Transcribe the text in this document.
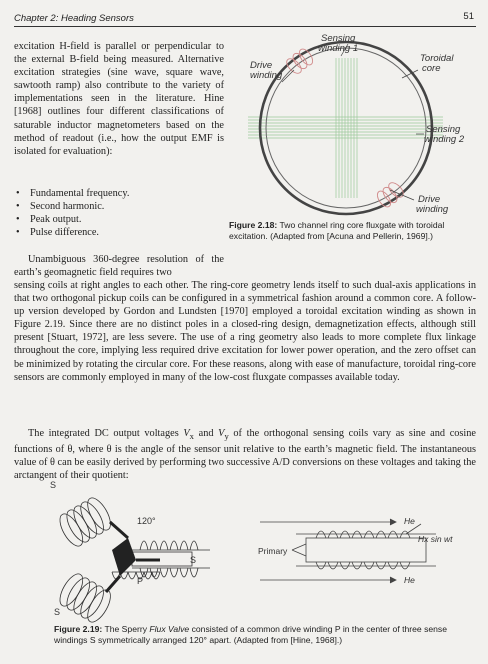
Chapter 2: Heading Sensors	51
excitation H-field is parallel or perpendicular to the external B-field being measured. Alternative excitation strategies (sine wave, square wave, sawtooth ramp) also contribute to the variety of implementations seen in the literature. Hine [1968] outlines four different classifications of saturable inductor magnetometers based on the method of readout (i.e., how the output EMF is isolated for evaluation):
• Fundamental frequency.
• Second harmonic.
• Peak output.
• Pulse difference.
Unambiguous 360-degree resolution of the earth’s geomagnetic field requires two
sensing coils at right angles to each other. The ring-core geometry lends itself to such dual-axis applications in that two orthogonal pickup coils can be configured in a symmetrical fashion around a common core. A follow-up version developed by Gordon and Lundsten [1970] employed a toroidal excitation winding as shown in Figure 2.19. Since there are no distinct poles in a closed-ring design, demagnetization effects, although still present [Stuart, 1972], are less severe. The use of a ring geometry also leads to more complete flux linkage throughout the core, implying less required drive excitation for lower power operation, and the zero offset can be minimized by rotating the circular core. For these reasons, along with ease of manufacture, toroidal ring-core sensors are commonly employed in many of the low-cost fluxgate compasses available today.
The integrated DC output voltages $V_x$ and $V_y$ of the orthogonal sensing coils vary as sine and cosine functions of θ, where θ is the angle of the sensor unit relative to the earth’s magnetic field. The instantaneous value of θ can be easily derived by performing two successive A/D conversions on these voltages and taking the arctangent of their quotient:
Sensing winding 1
Drive winding
Toroidal core
Sensing winding 2
Drive winding
Figure 2.18: Two channel ring core fluxgate with toroidal excitation. (Adapted from [Acuna and Pellerin, 1969].)
S
120°
S
P
S
He
Hx sin wt
Primary
He
Figure 2.19: The Sperry Flux Valve consisted of a common drive winding P in the center of three sense windings S symmetrically arranged 120° apart. (Adapted from [Hine, 1968].)
